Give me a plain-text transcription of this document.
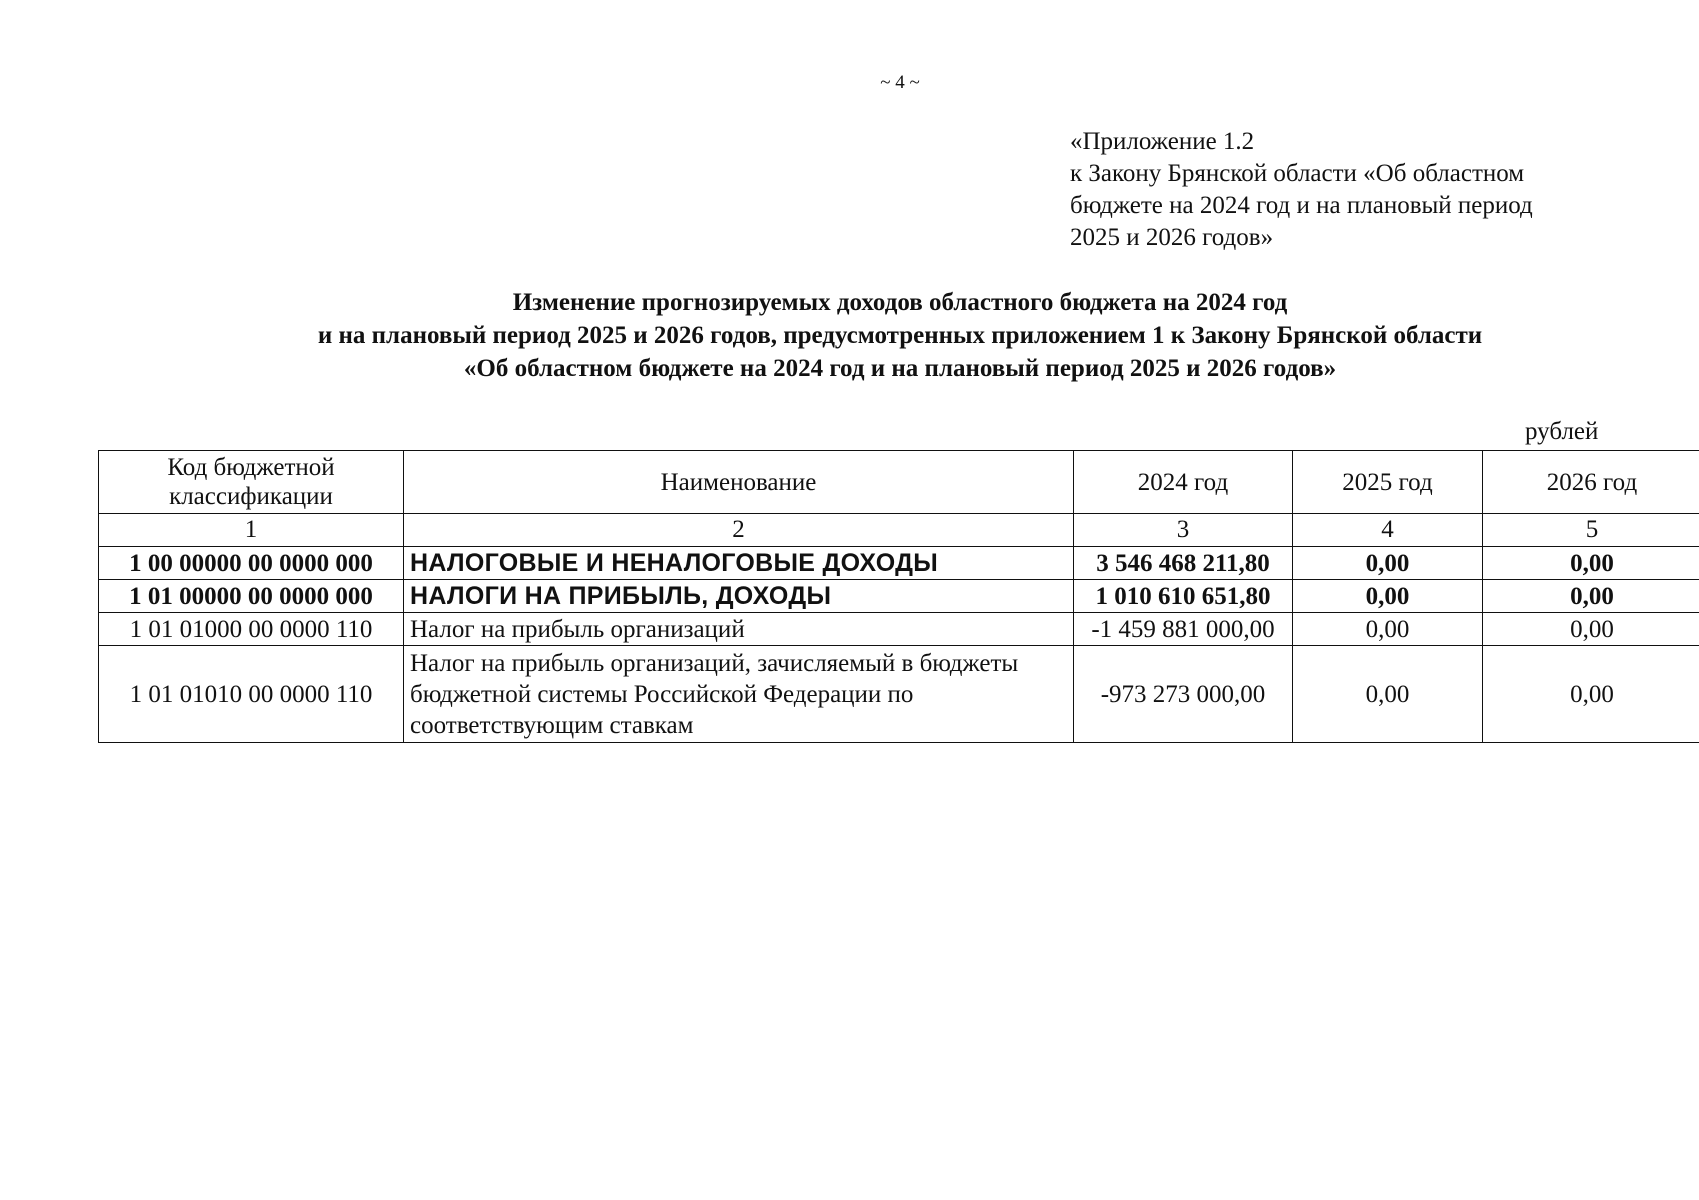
~ 4 ~
«Приложение 1.2
к Закону Брянской области «Об областном
бюджете на 2024 год и на плановый период
2025 и 2026 годов»
Изменение прогнозируемых доходов областного бюджета на 2024 год
и на плановый период 2025 и 2026 годов, предусмотренных приложением 1 к Закону Брянской области
«Об областном бюджете на 2024 год и на плановый период 2025 и 2026 годов»
рублей
Код бюджетной классификации	Наименование	2024 год	2025 год	2026 год
1	2	3	4	5
1 00 00000 00 0000 000	НАЛОГОВЫЕ И НЕНАЛОГОВЫЕ ДОХОДЫ	3 546 468 211,80	0,00	0,00
1 01 00000 00 0000 000	НАЛОГИ НА ПРИБЫЛЬ, ДОХОДЫ	1 010 610 651,80	0,00	0,00
1 01 01000 00 0000 110	Налог на прибыль организаций	-1 459 881 000,00	0,00	0,00
1 01 01010 00 0000 110	Налог на прибыль организаций, зачисляемый в бюджеты бюджетной системы Российской Федерации по соответствующим ставкам	-973 273 000,00	0,00	0,00
